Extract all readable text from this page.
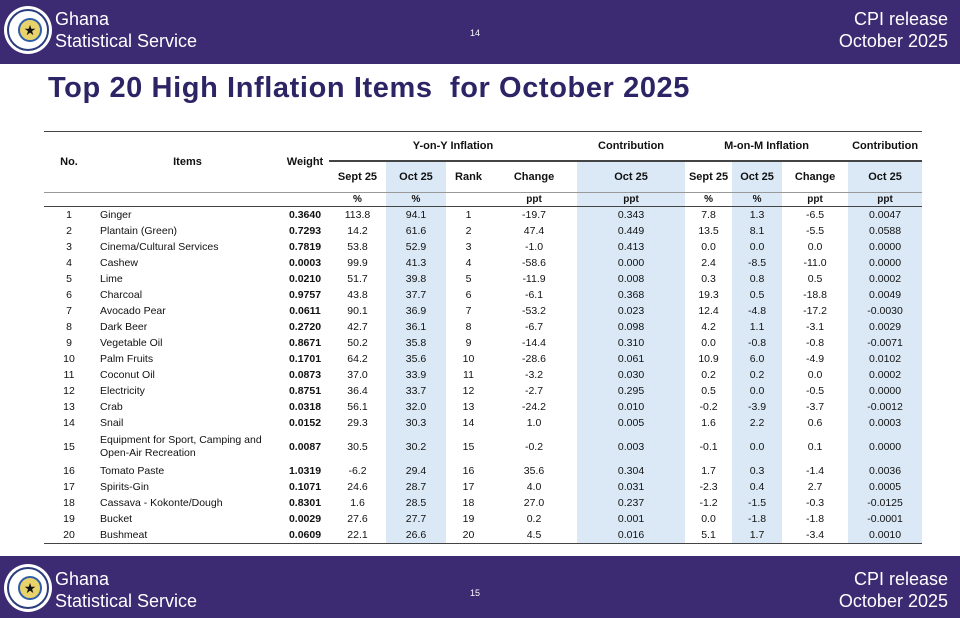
★
Ghana
Statistical Service	14
CPI release
October 2025
Top 20 High Inflation Items  for October 2025
No.	Items	Weight	Y-on-Y Inflation				Contribution	M-on-M Inflation			Contribution
			Sept 25	Oct 25	Rank	Change	Oct 25	Sept 25	Oct 25	Change	Oct 25
			%	%		ppt	ppt	%	%	ppt	ppt
1	Ginger	0.3640	113.8	94.1	1	-19.7	0.343	7.8	1.3	-6.5	0.0047
2	Plantain (Green)	0.7293	14.2	61.6	2	47.4	0.449	13.5	8.1	-5.5	0.0588
3	Cinema/Cultural Services	0.7819	53.8	52.9	3	-1.0	0.413	0.0	0.0	0.0	0.0000
4	Cashew	0.0003	99.9	41.3	4	-58.6	0.000	2.4	-8.5	-11.0	0.0000
5	Lime	0.0210	51.7	39.8	5	-11.9	0.008	0.3	0.8	0.5	0.0002
6	Charcoal	0.9757	43.8	37.7	6	-6.1	0.368	19.3	0.5	-18.8	0.0049
7	Avocado Pear	0.0611	90.1	36.9	7	-53.2	0.023	12.4	-4.8	-17.2	-0.0030
8	Dark Beer	0.2720	42.7	36.1	8	-6.7	0.098	4.2	1.1	-3.1	0.0029
9	Vegetable Oil	0.8671	50.2	35.8	9	-14.4	0.310	0.0	-0.8	-0.8	-0.0071
10	Palm Fruits	0.1701	64.2	35.6	10	-28.6	0.061	10.9	6.0	-4.9	0.0102
11	Coconut Oil	0.0873	37.0	33.9	11	-3.2	0.030	0.2	0.2	0.0	0.0002
12	Electricity	0.8751	36.4	33.7	12	-2.7	0.295	0.5	0.0	-0.5	0.0000
13	Crab	0.0318	56.1	32.0	13	-24.2	0.010	-0.2	-3.9	-3.7	-0.0012
14	Snail	0.0152	29.3	30.3	14	1.0	0.005	1.6	2.2	0.6	0.0003
15	Equipment for Sport, Camping and Open-Air Recreation	0.0087	30.5	30.2	15	-0.2	0.003	-0.1	0.0	0.1	0.0000
16	Tomato Paste	1.0319	-6.2	29.4	16	35.6	0.304	1.7	0.3	-1.4	0.0036
17	Spirits-Gin	0.1071	24.6	28.7	17	4.0	0.031	-2.3	0.4	2.7	0.0005
18	Cassava - Kokonte/Dough	0.8301	1.6	28.5	18	27.0	0.237	-1.2	-1.5	-0.3	-0.0125
19	Bucket	0.0029	27.6	27.7	19	0.2	0.001	0.0	-1.8	-1.8	-0.0001
20	Bushmeat	0.0609	22.1	26.6	20	4.5	0.016	5.1	1.7	-3.4	0.0010
★ Ghana
Statistical Service	15
CPI release
October 2025
